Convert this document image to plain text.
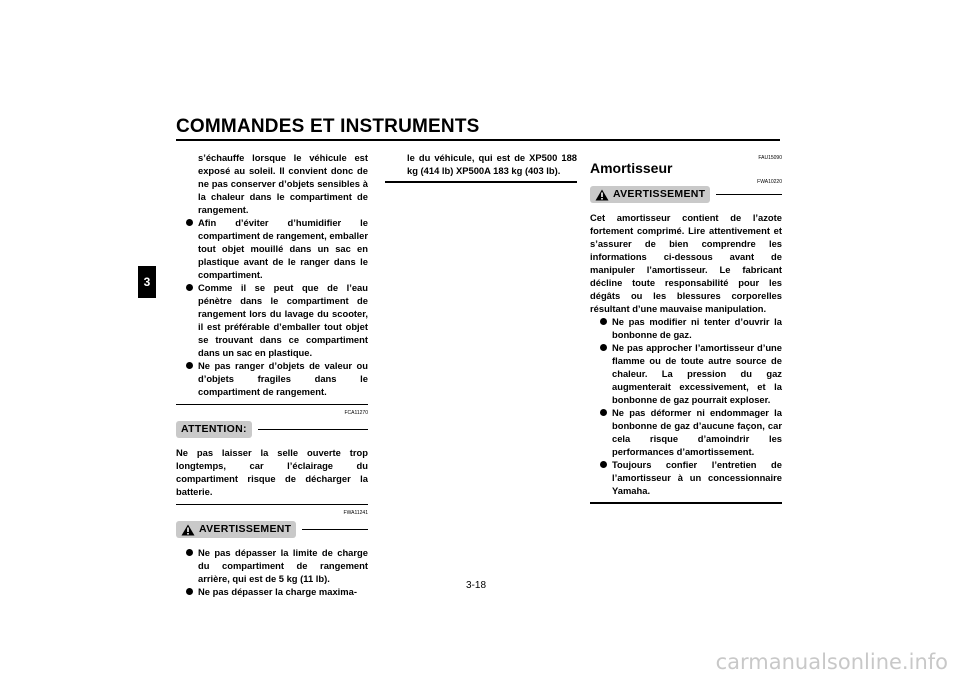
COMMANDES ET INSTRUMENTS
3
s’échauffe lorsque le véhicule est exposé au soleil. Il convient donc de ne pas conserver d’objets sensibles à la chaleur dans le compartiment de rangement.
Afin d’éviter d’humidifier le compartiment de rangement, emballer tout objet mouillé dans un sac en plastique avant de le ranger dans le compartiment.
Comme il se peut que de l’eau pénètre dans le compartiment de rangement lors du lavage du scooter, il est préférable d’emballer tout objet se trouvant dans ce compartiment dans un sac en plastique.
Ne pas ranger d’objets de valeur ou d’objets fragiles dans le compartiment de rangement.
FCA11270
ATTENTION:
Ne pas laisser la selle ouverte trop longtemps, car l’éclairage du compartiment risque de décharger la batterie.
FWA11241
AVERTISSEMENT
Ne pas dépasser la limite de charge du compartiment de rangement arrière, qui est de 5 kg (11 lb).
Ne pas dépasser la charge maxima-
le du véhicule, qui est de XP500 188 kg (414 lb) XP500A 183 kg (403 lb).
FAU15090
Amortisseur
FWA10220
AVERTISSEMENT
Cet amortisseur contient de l’azote fortement comprimé. Lire attentivement et s’assurer de bien comprendre les informations ci-dessous avant de manipuler l’amortisseur. Le fabricant décline toute responsabilité pour les dégâts ou les blessures corporelles résultant d’une mauvaise manipulation.
Ne pas modifier ni tenter d’ouvrir la bonbonne de gaz.
Ne pas approcher l’amortisseur d’une flamme ou de toute autre source de chaleur. La pression du gaz augmenterait excessivement, et la bonbonne de gaz pourrait exploser.
Ne pas déformer ni endommager la bonbonne de gaz d’aucune façon, car cela risque d’amoindrir les performances d’amortissement.
Toujours confier l’entretien de l’amortisseur à un concessionnaire Yamaha.
3-18
carmanualsonline.info
